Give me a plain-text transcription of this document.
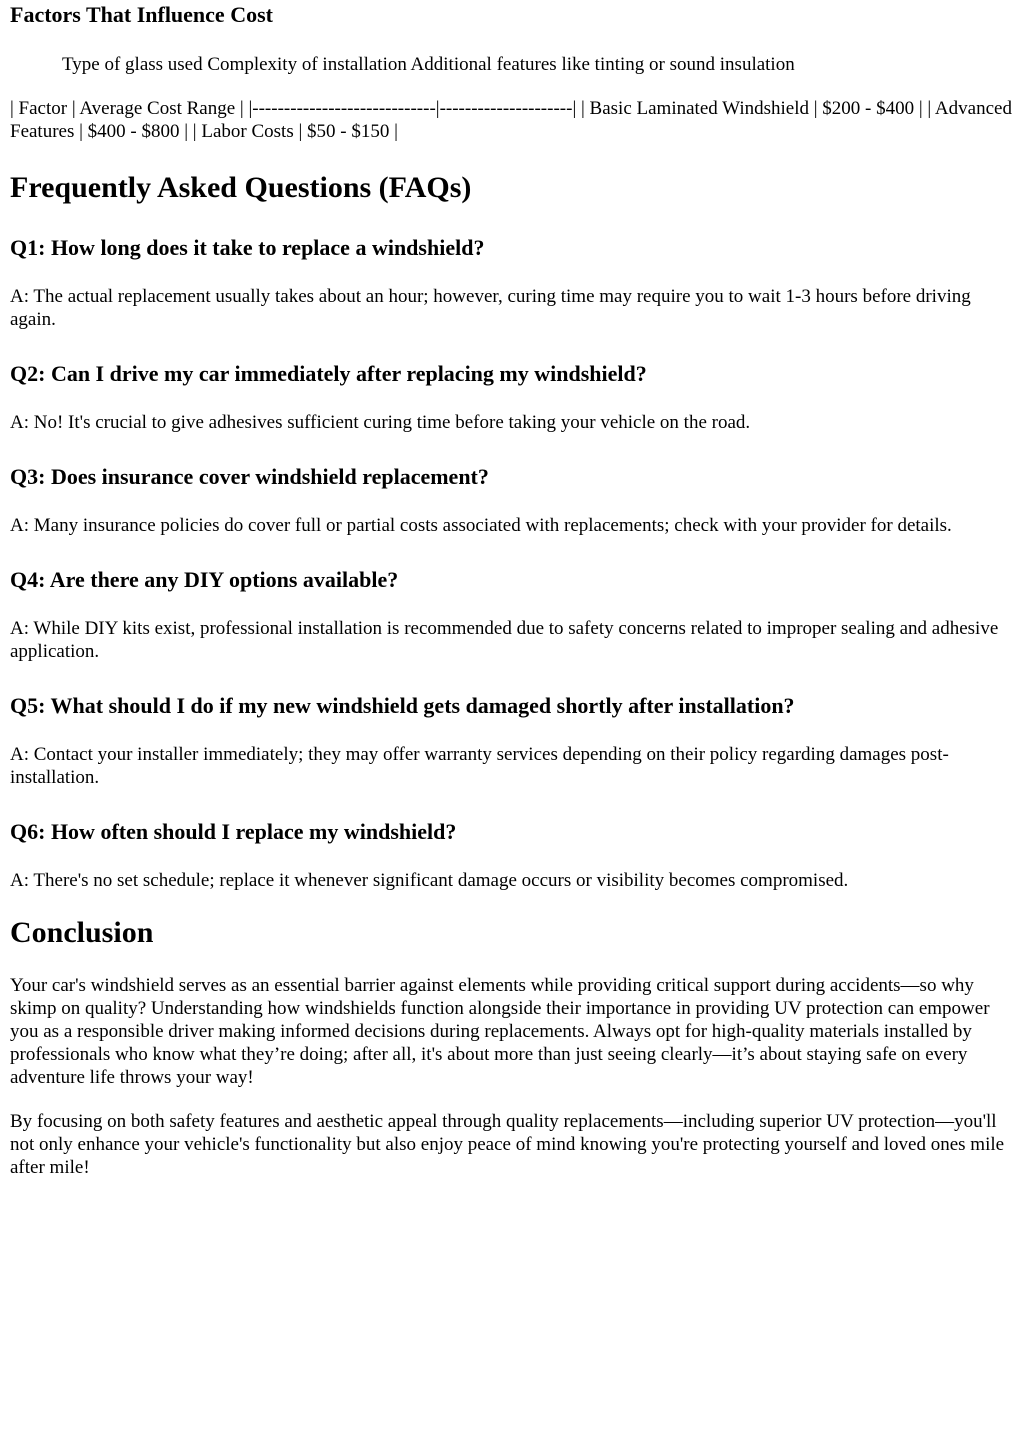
Factors That Influence Cost
Type of glass used Complexity of installation Additional features like tinting or sound insulation

| Factor | Average Cost Range | |-----------------------------|---------------------| | Basic Laminated Windshield | $200 - $400 | | Advanced Features | $400 - $800 | | Labor Costs | $50 - $150 |

Frequently Asked Questions (FAQs)
Q1: How long does it take to replace a windshield?

A: The actual replacement usually takes about an hour; however, curing time may require you to wait 1-3 hours before driving again.

Q2: Can I drive my car immediately after replacing my windshield?

A: No! It's crucial to give adhesives sufficient curing time before taking your vehicle on the road.

Q3: Does insurance cover windshield replacement?

A: Many insurance policies do cover full or partial costs associated with replacements; check with your provider for details.

Q4: Are there any DIY options available?

A: While DIY kits exist, professional installation is recommended due to safety concerns related to improper sealing and adhesive application.

Q5: What should I do if my new windshield gets damaged shortly after installation?

A: Contact your installer immediately; they may offer warranty services depending on their policy regarding damages post-installation.

Q6: How often should I replace my windshield?

A: There's no set schedule; replace it whenever significant damage occurs or visibility becomes compromised.

Conclusion

Your car's windshield serves as an essential barrier against elements while providing critical support during accidents—so why skimp on quality? Understanding how windshields function alongside their importance in providing UV protection can empower you as a responsible driver making informed decisions during replacements. Always opt for high-quality materials installed by professionals who know what they’re doing; after all, it's about more than just seeing clearly—it’s about staying safe on every adventure life throws your way!

By focusing on both safety features and aesthetic appeal through quality replacements—including superior UV protection—you'll not only enhance your vehicle's functionality but also enjoy peace of mind knowing you're protecting yourself and loved ones mile after mile!
